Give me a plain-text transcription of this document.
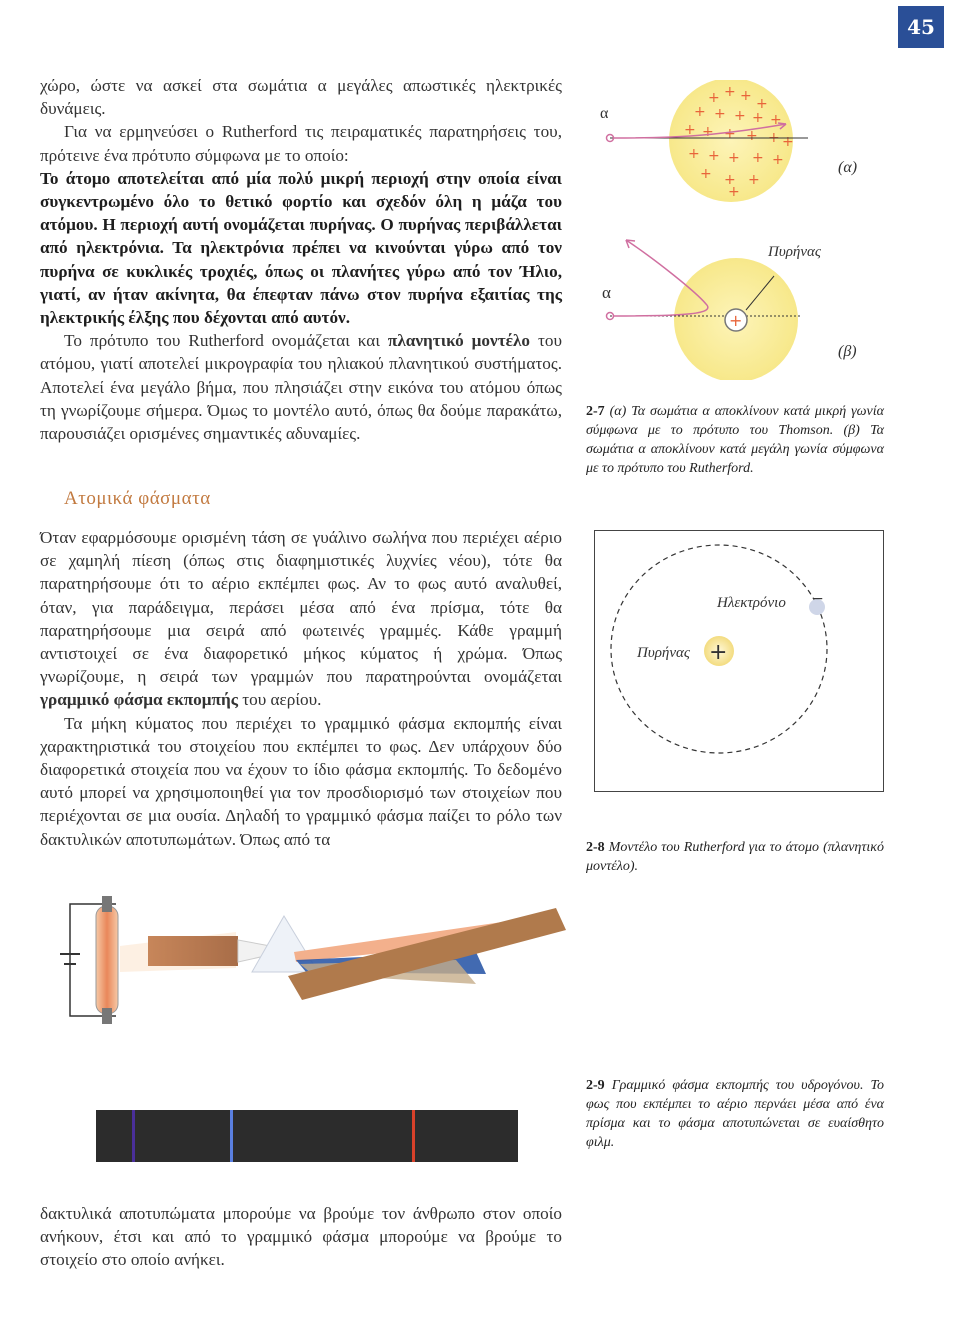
45

χώρο, ώστε να ασκεί στα σωμάτια α μεγάλες απωστικές ηλεκτρικές δυνάμεις.

Για να ερμηνεύσει ο Rutherford τις πειραματικές παρατηρήσεις του, πρότεινε ένα πρότυπο σύμφωνα με το οποίο:

Το άτομο αποτελείται από μία πολύ μικρή περιοχή στην οποία είναι συγκεντρωμένο όλο το θετικό φορτίο και σχεδόν όλη η μάζα του ατόμου. Η περιοχή αυτή ονομάζεται πυρήνας. Ο πυρήνας περιβάλλεται από ηλεκτρόνια. Τα ηλεκτρόνια πρέπει να κινούνται γύρω από τον πυρήνα σε κυκλικές τροχιές, όπως οι πλανήτες γύρω από τον Ήλιο, γιατί, αν ήταν ακίνητα, θα έπεφταν πάνω στον πυρήνα εξαιτίας της ηλεκτρικής έλξης που δέχονται από αυτόν.

Το πρότυπο του Rutherford ονομάζεται και πλανητικό μοντέλο του ατόμου, γιατί αποτελεί μικρογραφία του ηλιακού πλανητικού συστήματος. Αποτελεί ένα μεγάλο βήμα, που πλησιάζει στην εικόνα του ατόμου όπως τη γνωρίζουμε σήμερα. Όμως το μοντέλο αυτό, όπως θα δούμε παρακάτω, παρουσιάζει ορισμένες σημαντικές αδυναμίες.

Ατομικά φάσματα

Όταν εφαρμόσουμε ορισμένη τάση σε γυάλινο σωλήνα που περιέχει αέριο σε χαμηλή πίεση (όπως στις διαφημιστικές λυχνίες νέου), τότε θα παρατηρήσουμε ότι το αέριο εκπέμπει φως. Αν το φως αυτό αναλυθεί, όταν, για παράδειγμα, περάσει μέσα από ένα πρίσμα, τότε θα παρατηρήσουμε μια σειρά από φωτεινές γραμμές. Κάθε γραμμή αντιστοιχεί σε ένα διαφορετικό μήκος κύματος ή χρώμα. Όπως γνωρίζουμε, η σειρά των γραμμών που παρατηρούνται ονομάζεται γραμμικό φάσμα εκπομπής του αερίου.

Τα μήκη κύματος που περιέχει το γραμμικό φάσμα εκπομπής είναι χαρακτηριστικά του στοιχείου που εκπέμπει το φως. Δεν υπάρχουν δύο διαφορετικά στοιχεία που να έχουν το ίδιο φάσμα εκπομπής. Το δεδομένο αυτό μπορεί να χρησιμοποιηθεί για τον προσδιορισμό των στοιχείων που περιέχονται σε μια ουσία. Δηλαδή το γραμμικό φάσμα παίζει το ρόλο των δακτυλικών αποτυπωμάτων. Όπως από τα

δακτυλικά αποτυπώματα μπορούμε να βρούμε τον άνθρωπο στον οποίο ανήκουν, έτσι και από το γραμμικό φάσμα μπορούμε να βρούμε το στοιχείο στο οποίο ανήκει.

+ + + +
+ + + + +
+ + + + + +
+ + + + +
+ + +
+
α
(α)
+
Πυρήνας
α
(β)
2-7 (α) Τα σωμάτια α αποκλίνουν κατά μικρή γωνία σύμφωνα με το πρότυπο του Thomson. (β) Τα σωμάτια α αποκλίνουν κατά μεγάλη γωνία σύμφωνα με το πρότυπο του Rutherford.
+
−
Ηλεκτρόνιο
Πυρήνας
2-8 Μοντέλο του Rutherford για το άτομο (πλανητικό μοντέλο).
2-9 Γραμμικό φάσμα εκπομπής του υδρογόνου. Το φως που εκπέμπει το αέριο περνάει μέσα από ένα πρίσμα και το φάσμα αποτυπώνεται σε ευαίσθητο φιλμ.
